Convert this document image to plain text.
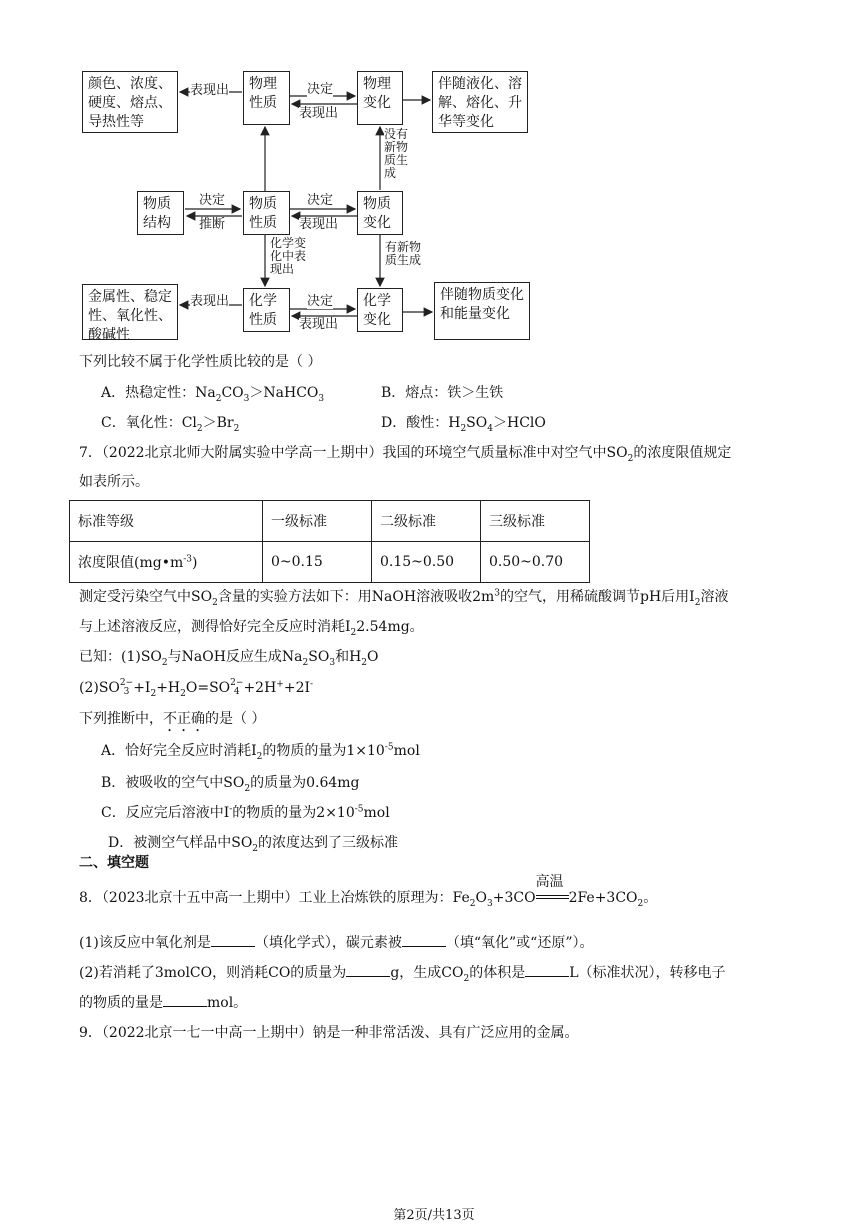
颜色、浓度、硬度、熔点、导热性等
物理性质
物理变化
伴随液化、溶解、熔化、升华等变化
物质结构
物质性质
物质变化
金属性、稳定性、氧化性、酸碱性
化学性质
化学变化
伴随物质变化和能量变化
表现出	决定
表现出
没有新物质生成
决定
推断
决定
表现出
化学变化中表现出
有新物质生成
表现出	决定
表现出
下列比较不属于化学性质比较的是（ ）
A．热稳定性：$Na_2CO_3>NaHCO_3$	B．熔点：铁＞生铁
C．氧化性：$Cl_2>Br_2$	D．酸性：$H_2SO_4>HClO$
7．（2022北京北师大附属实验中学高一上期中）我国的环境空气质量标准中对空气中$SO_2$的浓度限值规定
如表所示。
标准等级	一级标准	二级标准	三级标准
浓度限值$(mg•m^{-3})$	0~0.15	0.15~0.50	0.50~0.70
测定受污染空气中$SO_2$含量的实验方法如下：用NaOH溶液吸收$2m^3$的空气，用稀硫酸调节pH后用$I_2$溶液
与上述溶液反应，测得恰好完全反应时消耗$I_22.54mg$。
已知：$(1)SO_2$与NaOH反应生成$Na_2SO_3$和$H_2O$
(2)SO 2−
$3 +I_2+H_2O=SO$ 2−
4 +2H++2I-
下列推断中，不正确的是（ ）
A．恰好完全反应时消耗$I_2$的物质的量为$1\times 10^{-5}mol$
B．被吸收的空气中$SO_2$的质量为0.64mg
C．反应完后溶液中I-的物质的量为$2\times 10^{-5}mol$
D．被测空气样品中$SO_2$的浓度达到了三级标准
二、填空题
8．（2023北京十五中高一上期中）工业上冶炼铁的原理为：$Fe_2O_3+3CO$
高温
$2Fe+3CO_2$。
(1)该反应中氧化剂是	（填化学式），碳元素被	（填“氧化”或“还原”）。
(2)若消耗了3molCO，则消耗CO的质量为	g，生成$CO_2$的体积是	L（标准状况），转移电子
的物质的量是	mol。
9．（2022北京一七一中高一上期中）钠是一种非常活泼、具有广泛应用的金属。
第2页/共13页
